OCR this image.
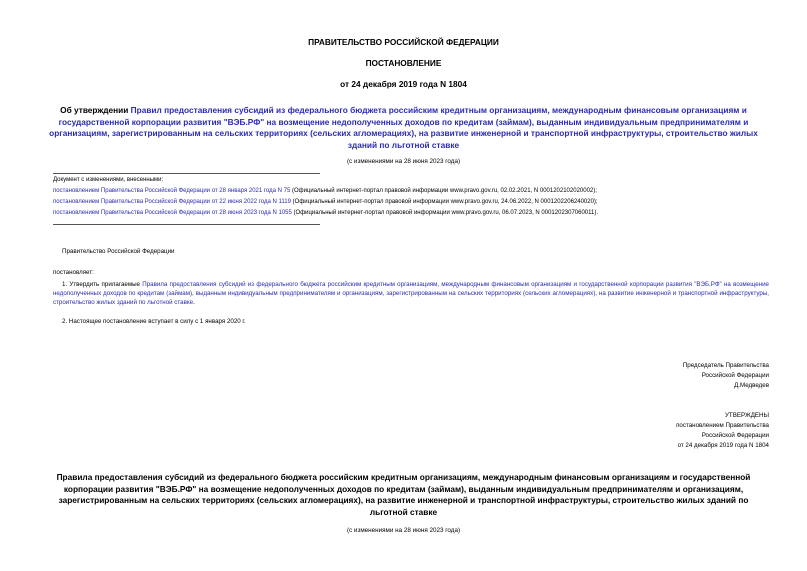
ПРАВИТЕЛЬСТВО РОССИЙСКОЙ ФЕДЕРАЦИИ
ПОСТАНОВЛЕНИЕ
от 24 декабря 2019 года N 1804
Об утверждении Правил предоставления субсидий из федерального бюджета российским кредитным организациям, международным финансовым организациям и государственной корпорации развития "ВЭБ.РФ" на возмещение недополученных доходов по кредитам (займам), выданным индивидуальным предпринимателям и организациям, зарегистрированным на сельских территориях (сельских агломерациях), на развитие инженерной и транспортной инфраструктуры, строительство жилых зданий по льготной ставке
(с изменениями на 28 июня 2023 года)
Документ с изменениями, внесенными:
постановлением Правительства Российской Федерации от 28 января 2021 года N 75 (Официальный интернет-портал правовой информации www.pravo.gov.ru, 02.02.2021, N 0001202102020002);
постановлением Правительства Российской Федерации от 22 июня 2022 года N 1119 (Официальный интернет-портал правовой информации www.pravo.gov.ru, 24.06.2022, N 0001202206240020);
постановлением Правительства Российской Федерации от 28 июня 2023 года N 1055 (Официальный интернет-портал правовой информации www.pravo.gov.ru, 06.07.2023, N 0001202307060011).
Правительство Российской Федерации
постановляет:
1. Утвердить прилагаемые Правила предоставления субсидий из федерального бюджета российским кредитным организациям, международным финансовым организациям и государственной корпорации развития "ВЭБ.РФ" на возмещение недополученных доходов по кредитам (займам), выданным индивидуальным предпринимателям и организациям, зарегистрированным на сельских территориях (сельских агломерациях), на развитие инженерной и транспортной инфраструктуры, строительство жилых зданий по льготной ставке.
2. Настоящее постановление вступает в силу с 1 января 2020 г.
Председатель Правительства
Российской Федерации
Д.Медведев
УТВЕРЖДЕНЫ
постановлением Правительства
Российской Федерации
от 24 декабря 2019 года N 1804
Правила предоставления субсидий из федерального бюджета российским кредитным организациям, международным финансовым организациям и государственной корпорации развития "ВЭБ.РФ" на возмещение недополученных доходов по кредитам (займам), выданным индивидуальным предпринимателям и организациям, зарегистрированным на сельских территориях (сельских агломерациях), на развитие инженерной и транспортной инфраструктуры, строительство жилых зданий по льготной ставке
(с изменениями на 28 июня 2023 года)
